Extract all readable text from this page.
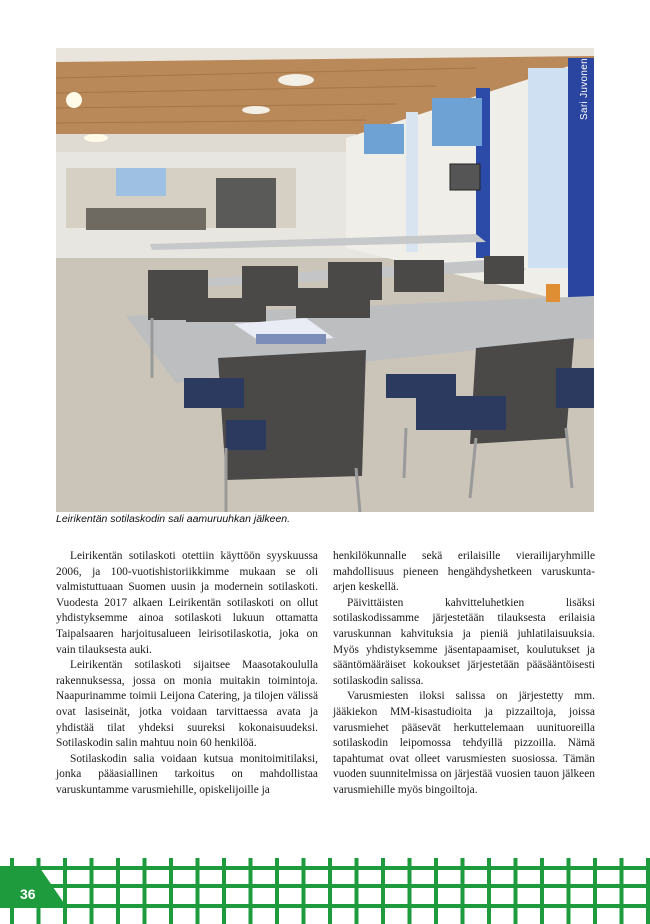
Sari Juvonen
Leirikentän sotilaskodin sali aamuruuhkan jälkeen.

Leirikentän sotilaskoti otettiin käyttöön syyskuussa 2006, ja 100-vuotishistoriikkimme mukaan se oli valmistuttuaan Suomen uusin ja modernein sotilaskoti. Vuodesta 2017 alkaen Leirikentän sotilaskoti on ollut yhdistyksemme ainoa sotilaskoti lukuun ottamatta Taipalsaaren harjoitusalueen leirisotilaskotia, joka on vain tilauksesta auki.

Leirikentän sotilaskoti sijaitsee Maasotakoululla rakennuksessa, jossa on monia muitakin toimintoja. Naapurinamme toimii Leijona Catering, ja tilojen välissä ovat lasiseinät, jotka voidaan tarvittaessa avata ja yhdistää tilat yhdeksi suureksi kokonaisuudeksi. Sotilaskodin salin mahtuu noin 60 henkilöä.

Sotilaskodin salia voidaan kutsua monitoimitilaksi, jonka pääasiallinen tarkoitus on mahdollistaa varuskuntamme varusmiehille, opiskelijoille ja

henkilökunnalle sekä erilaisille vierailijaryhmille mahdollisuus pieneen hengähdyshetkeen varuskunta-arjen keskellä.

Päivittäisten kahvitteluhetkien lisäksi sotilaskodissamme järjestetään tilauksesta erilaisia varuskunnan kahvituksia ja pieniä juhlatilaisuuksia. Myös yhdistyksemme jäsentapaamiset, koulutukset ja sääntömääräiset kokoukset järjestetään pääsääntöisesti sotilaskodin salissa.

Varusmiesten iloksi salissa on järjestetty mm. jääkiekon MM-kisastudioita ja pizzailtoja, joissa varusmiehet pääsevät herkuttelemaan uunituoreilla sotilaskodin leipomossa tehdyillä pizzoilla. Nämä tapahtumat ovat olleet varusmiesten suosiossa. Tämän vuoden suunnitelmissa on järjestää vuosien tauon jälkeen varusmiehille myös bingoiltoja.

36
